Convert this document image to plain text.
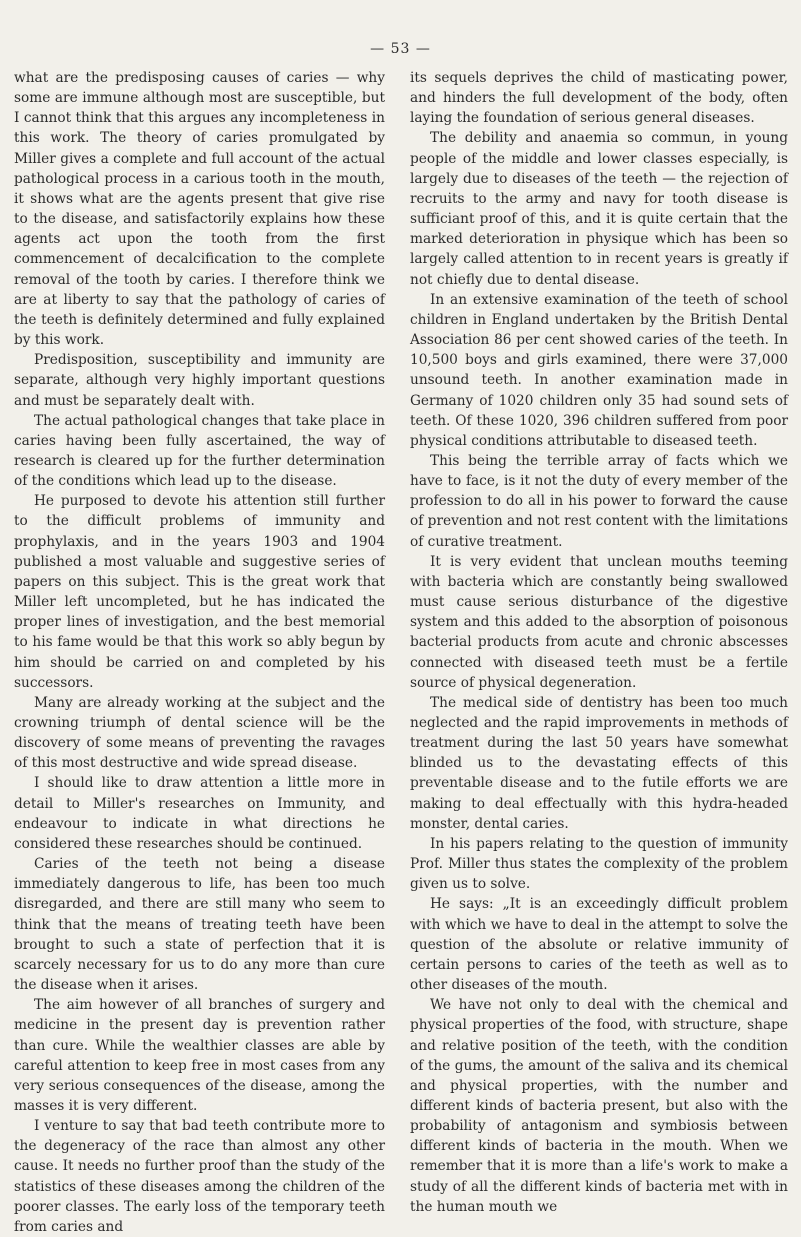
— 53 —

what are the predisposing causes of caries — why some are immune although most are susceptible, but I cannot think that this argues any incompleteness in this work. The theory of caries promulgated by Miller gives a complete and full account of the actual pathological process in a carious tooth in the mouth, it shows what are the agents present that give rise to the disease, and satisfactorily explains how these agents act upon the tooth from the first commencement of decalcification to the complete removal of the tooth by caries. I therefore think we are at liberty to say that the pathology of caries of the teeth is definitely determined and fully explained by this work.

Predisposition, susceptibility and immunity are separate, although very highly important questions and must be separately dealt with.

The actual pathological changes that take place in caries having been fully ascertained, the way of research is cleared up for the further determination of the conditions which lead up to the disease.

He purposed to devote his attention still further to the difficult problems of immunity and prophylaxis, and in the years 1903 and 1904 published a most valuable and suggestive series of papers on this subject. This is the great work that Miller left uncompleted, but he has indicated the proper lines of investigation, and the best memorial to his fame would be that this work so ably begun by him should be carried on and completed by his successors.

Many are already working at the subject and the crowning triumph of dental science will be the discovery of some means of preventing the ravages of this most destructive and wide spread disease.

I should like to draw attention a little more in detail to Miller's researches on Immunity, and endeavour to indicate in what directions he considered these researches should be continued.

Caries of the teeth not being a disease immediately dangerous to life, has been too much disregarded, and there are still many who seem to think that the means of treating teeth have been brought to such a state of perfection that it is scarcely necessary for us to do any more than cure the disease when it arises.

The aim however of all branches of surgery and medicine in the present day is prevention rather than cure. While the wealthier classes are able by careful attention to keep free in most cases from any very serious consequences of the disease, among the masses it is very different.

I venture to say that bad teeth contribute more to the degeneracy of the race than almost any other cause. It needs no further proof than the study of the statistics of these diseases among the children of the poorer classes. The early loss of the temporary teeth from caries and

its sequels deprives the child of masticating power, and hinders the full development of the body, often laying the foundation of serious general diseases.

The debility and anaemia so commun, in young people of the middle and lower classes especially, is largely due to diseases of the teeth — the rejection of recruits to the army and navy for tooth disease is sufficiant proof of this, and it is quite certain that the marked deterioration in physique which has been so largely called attention to in recent years is greatly if not chiefly due to dental disease.

In an extensive examination of the teeth of school children in England undertaken by the British Dental Association 86 per cent showed caries of the teeth. In 10,500 boys and girls examined, there were 37,000 unsound teeth. In another examination made in Germany of 1020 children only 35 had sound sets of teeth. Of these 1020, 396 children suffered from poor physical conditions attributable to diseased teeth.

This being the terrible array of facts which we have to face, is it not the duty of every member of the profession to do all in his power to forward the cause of prevention and not rest content with the limitations of curative treatment.

It is very evident that unclean mouths teeming with bacteria which are constantly being swallowed must cause serious disturbance of the digestive system and this added to the absorption of poisonous bacterial products from acute and chronic abscesses connected with diseased teeth must be a fertile source of physical degeneration.

The medical side of dentistry has been too much neglected and the rapid improvements in methods of treatment during the last 50 years have somewhat blinded us to the devastating effects of this preventable disease and to the futile efforts we are making to deal effectually with this hydra-headed monster, dental caries.

In his papers relating to the question of immunity Prof. Miller thus states the complexity of the problem given us to solve.

He says: „It is an exceedingly difficult problem with which we have to deal in the attempt to solve the question of the absolute or relative immunity of certain persons to caries of the teeth as well as to other diseases of the mouth.

We have not only to deal with the chemical and physical properties of the food, with structure, shape and relative position of the teeth, with the condition of the gums, the amount of the saliva and its chemical and physical properties, with the number and different kinds of bacteria present, but also with the probability of antagonism and symbiosis between different kinds of bacteria in the mouth. When we remember that it is more than a life's work to make a study of all the different kinds of bacteria met with in the human mouth we
